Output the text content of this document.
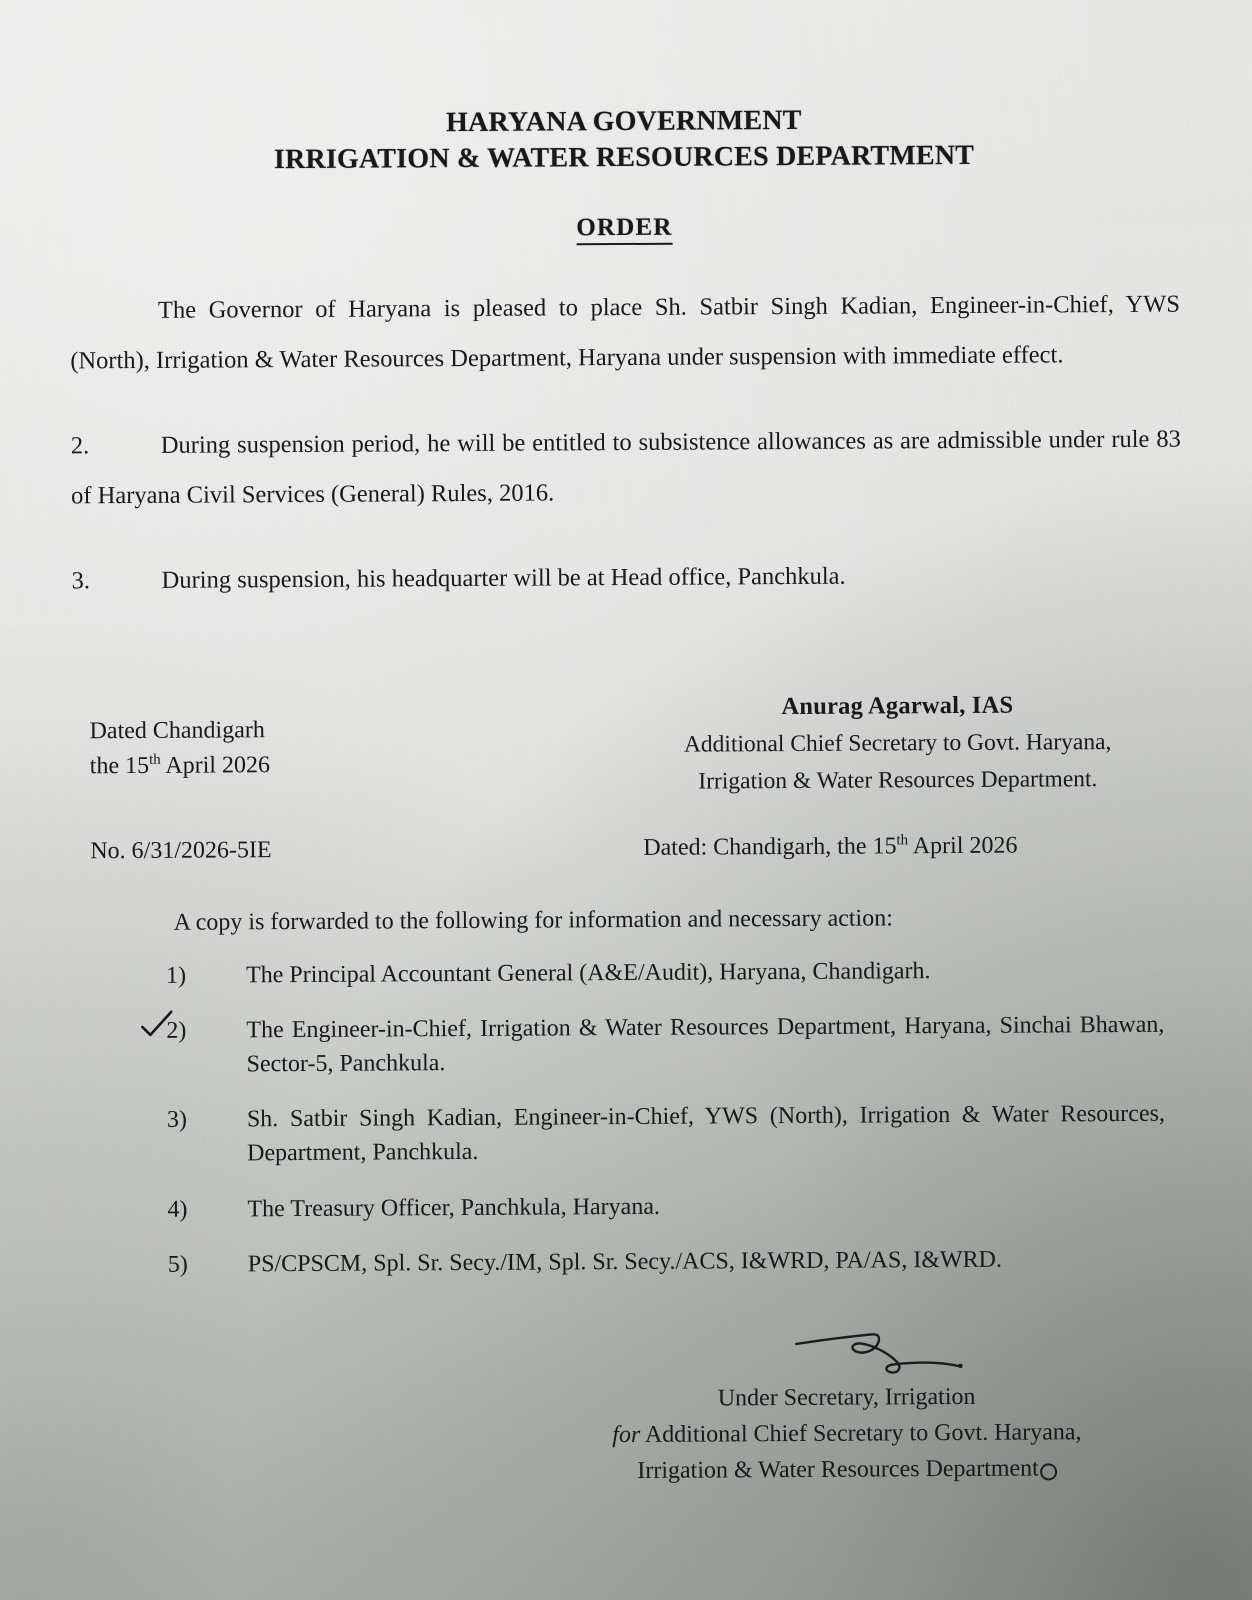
HARYANA GOVERNMENT
IRRIGATION & WATER RESOURCES DEPARTMENT
ORDER
The Governor of Haryana is pleased to place Sh. Satbir Singh Kadian, Engineer-in-Chief, YWS (North), Irrigation & Water Resources Department, Haryana under suspension with immediate effect.
2.	During suspension period, he will be entitled to subsistence allowances as are admissible under rule 83 of Haryana Civil Services (General) Rules, 2016.
3.	During suspension, his headquarter will be at Head office, Panchkula.
Dated Chandigarh
the 15th April 2026
Anurag Agarwal, IAS
Additional Chief Secretary to Govt. Haryana,
Irrigation & Water Resources Department.
No. 6/31/2026-5IE	Dated: Chandigarh, the 15th April 2026
A copy is forwarded to the following for information and necessary action:
1)	The Principal Accountant General (A&E/Audit), Haryana, Chandigarh.
2)	The Engineer-in-Chief, Irrigation & Water Resources Department, Haryana, Sinchai Bhawan, Sector-5, Panchkula.
3)	Sh. Satbir Singh Kadian, Engineer-in-Chief, YWS (North), Irrigation & Water Resources, Department, Panchkula.
4)	The Treasury Officer, Panchkula, Haryana.
5)	PS/CPSCM, Spl. Sr. Secy./IM, Spl. Sr. Secy./ACS, I&WRD, PA/AS, I&WRD.
Under Secretary, Irrigation
for Additional Chief Secretary to Govt. Haryana,
Irrigation & Water Resources Department
